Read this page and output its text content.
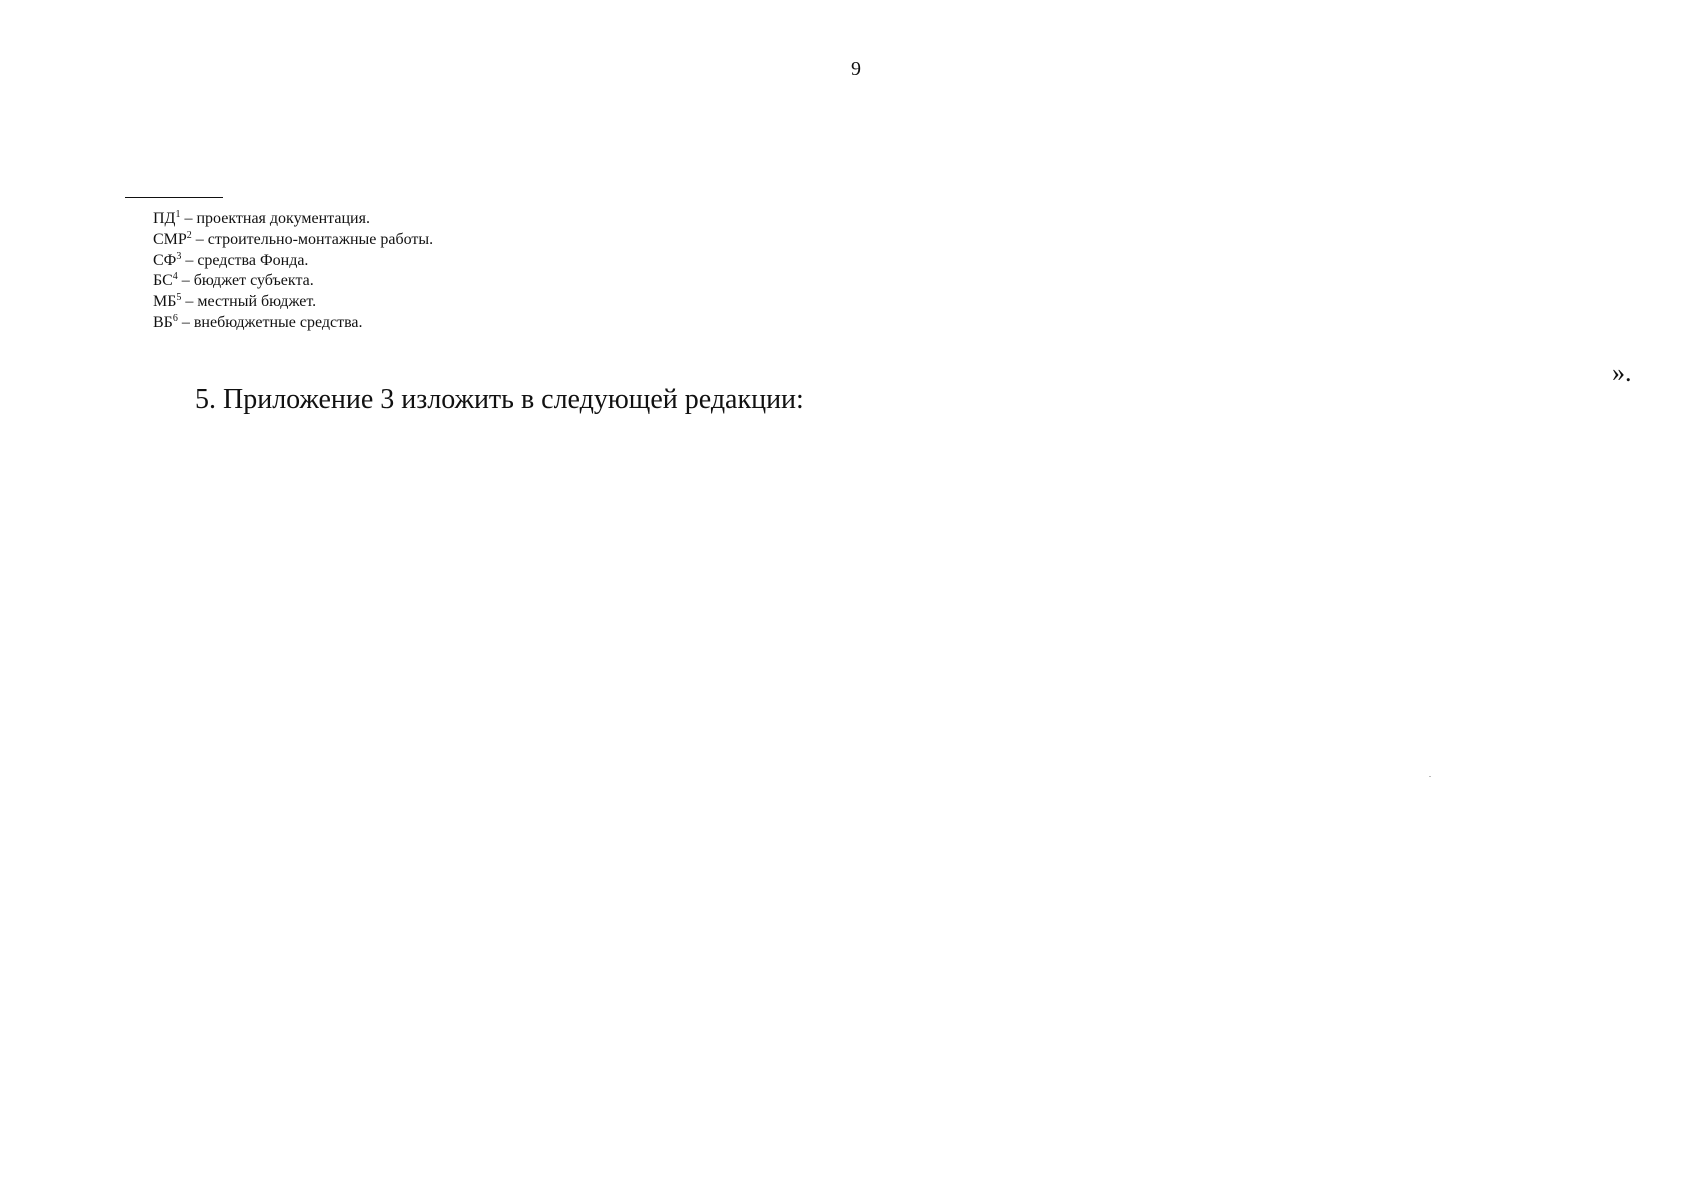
9
$ПД^1$ – проектная документация.
СМР$^2$ – строительно-монтажные работы.
$СФ^3$ – средства Фонда.
$БС^4$ – бюджет субъекта.
$МБ^5$ – местный бюджет.
$ВБ^6$ – внебюджетные средства.
».
5. Приложение 3 изложить в следующей редакции:
